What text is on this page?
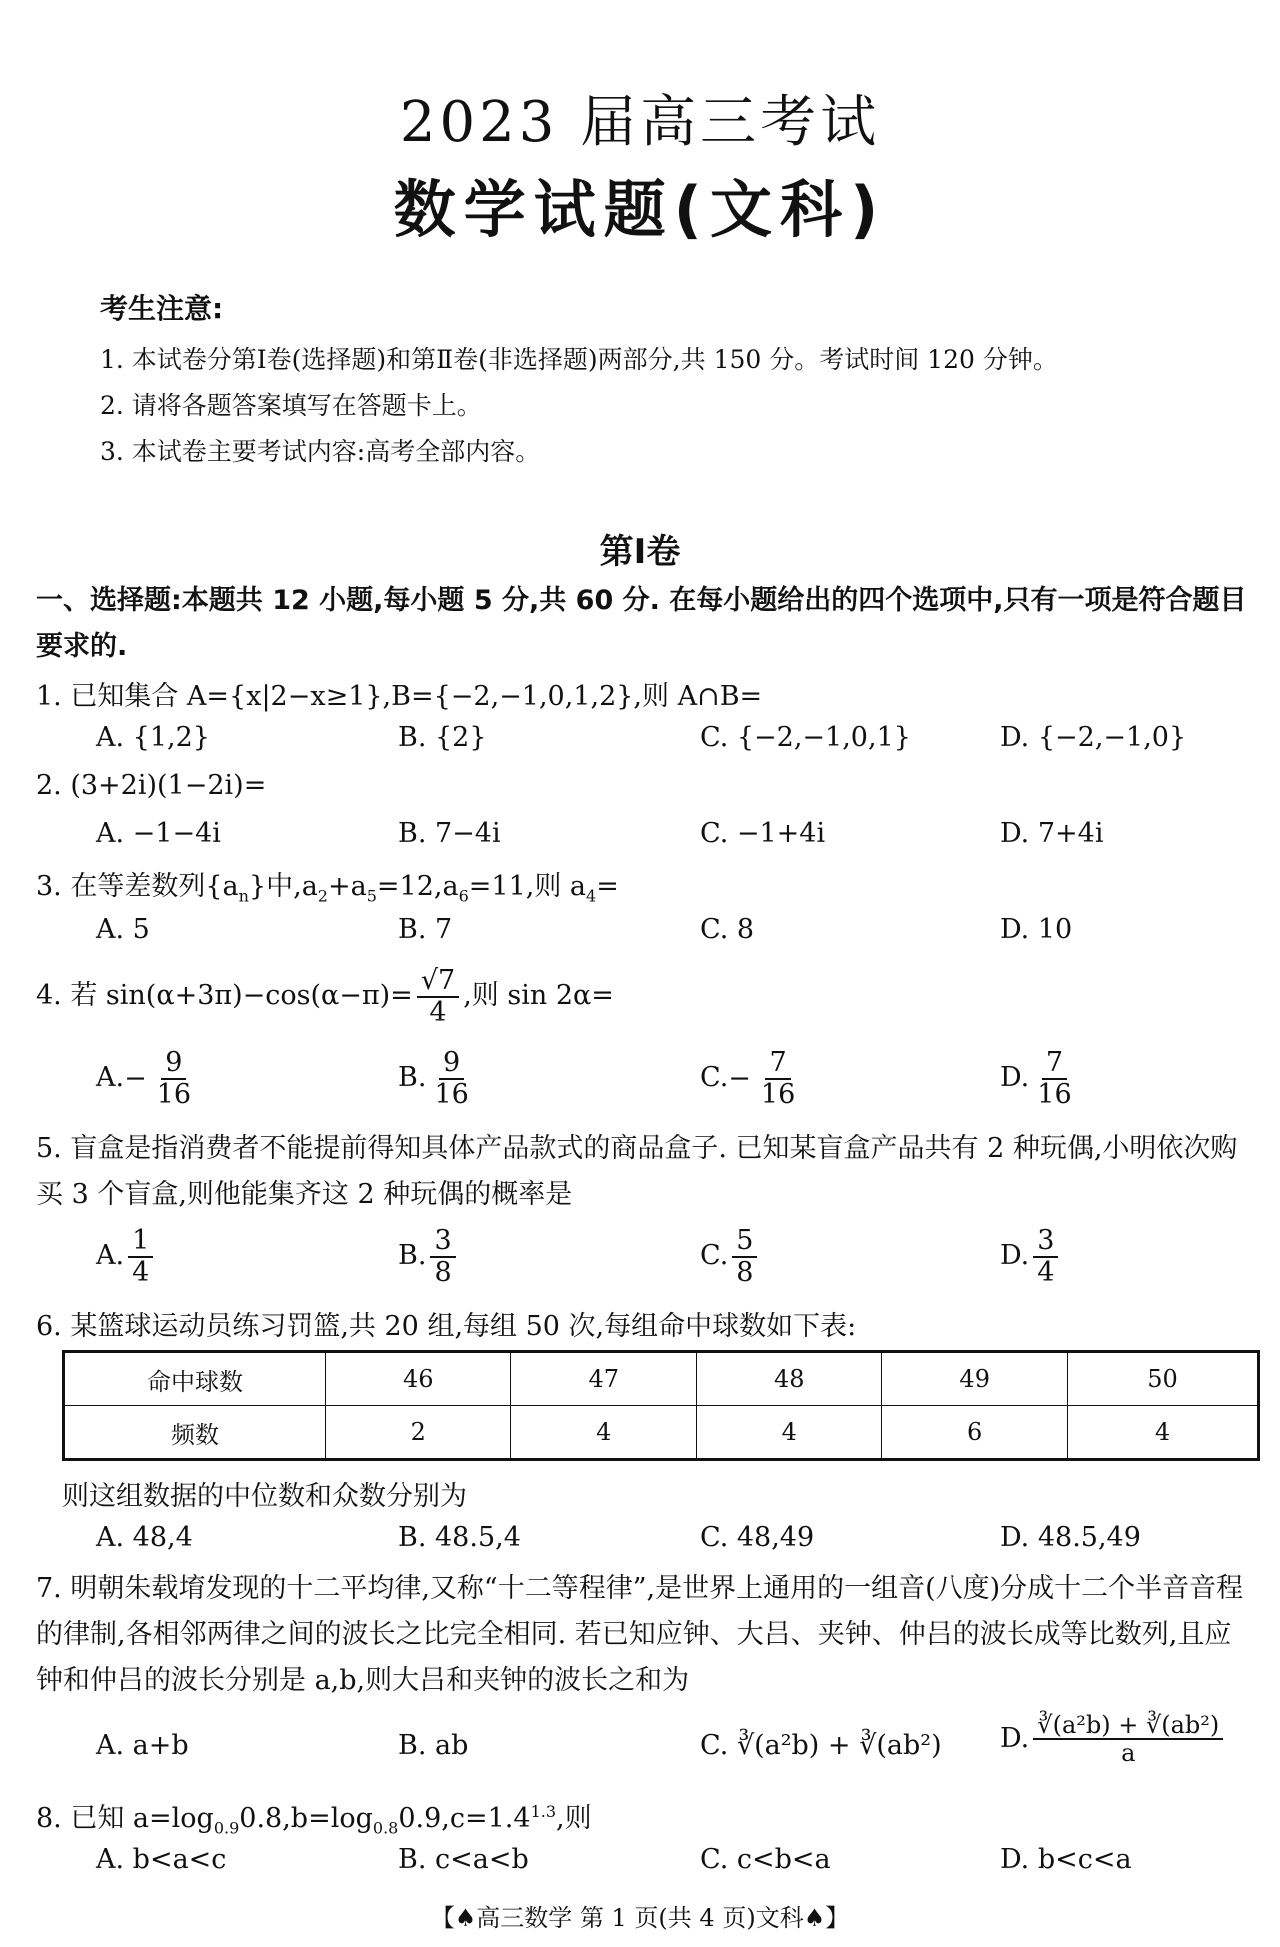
2023 届高三考试
数学试题(文科)
考生注意:
1. 本试卷分第Ⅰ卷(选择题)和第Ⅱ卷(非选择题)两部分,共 150 分。考试时间 120 分钟。
2. 请将各题答案填写在答题卡上。
3. 本试卷主要考试内容:高考全部内容。
第Ⅰ卷
一、选择题:本题共 12 小题,每小题 5 分,共 60 分. 在每小题给出的四个选项中,只有一项是符合题目要求的.
1. 已知集合 A={x|2−x≥1},B={−2,−1,0,1,2},则 A∩B=
A. {1,2}	B. {2}	C. {−2,−1,0,1}	D. {−2,−1,0}
2. (3+2i)(1−2i)=
A. −1−4i	B. 7−4i	C. −1+4i	D. 7+4i
3. 在等差数列$\{a_n\}$中$,a_2+a_5=12,a_6=11$,则 $a_4=$
A. 5	B. 7	C. 8	D. 10
4. 若 $\sin(\alpha+3\pi)-\cos(\alpha-\pi)= \frac{√7}{4}$ ,则 sin 2α=
$A.- \frac{9}{16}$	B. $\frac{9}{16}$	$C.- \frac{7}{16}$	D. $\frac{7}{16}$
5. 盲盒是指消费者不能提前得知具体产品款式的商品盒子. 已知某盲盒产品共有 2 种玩偶,小明依次购买 3 个盲盒,则他能集齐这 2 种玩偶的概率是
A. $\frac{1}{4}$	B. $\frac{3}{8}$	C. $\frac{5}{8}$	D. $\frac{3}{4}$
6. 某篮球运动员练习罚篮,共 20 组,每组 50 次,每组命中球数如下表:
命中球数	46	47	48	49	50
频数	2	4	4	6	4
则这组数据的中位数和众数分别为
A. 48,4	B. 48.5,4	C. 48,49	D. 48.5,49
7. 明朝朱载堉发现的十二平均律,又称“十二等程律”,是世界上通用的一组音(八度)分成十二个半音音程的律制,各相邻两律之间的波长之比完全相同. 若已知应钟、大吕、夹钟、仲吕的波长成等比数列,且应钟和仲吕的波长分别是 a,b,则大吕和夹钟的波长之和为
A. a+b	B. ab	C. ∛(a²b) + ∛(ab²) D. $\frac{\text{∛(a²b) + ∛(ab²)}}{a}$
8. 已知 $a=\log_{0.9}0.8,b=\log_{0.8}0.9,c=1.4^{1.3}$,则
A. b<a<c	B. c<a<b	C. c<b<a	D. b<c<a
【♠高三数学 第 1 页(共 4 页)文科♠】
